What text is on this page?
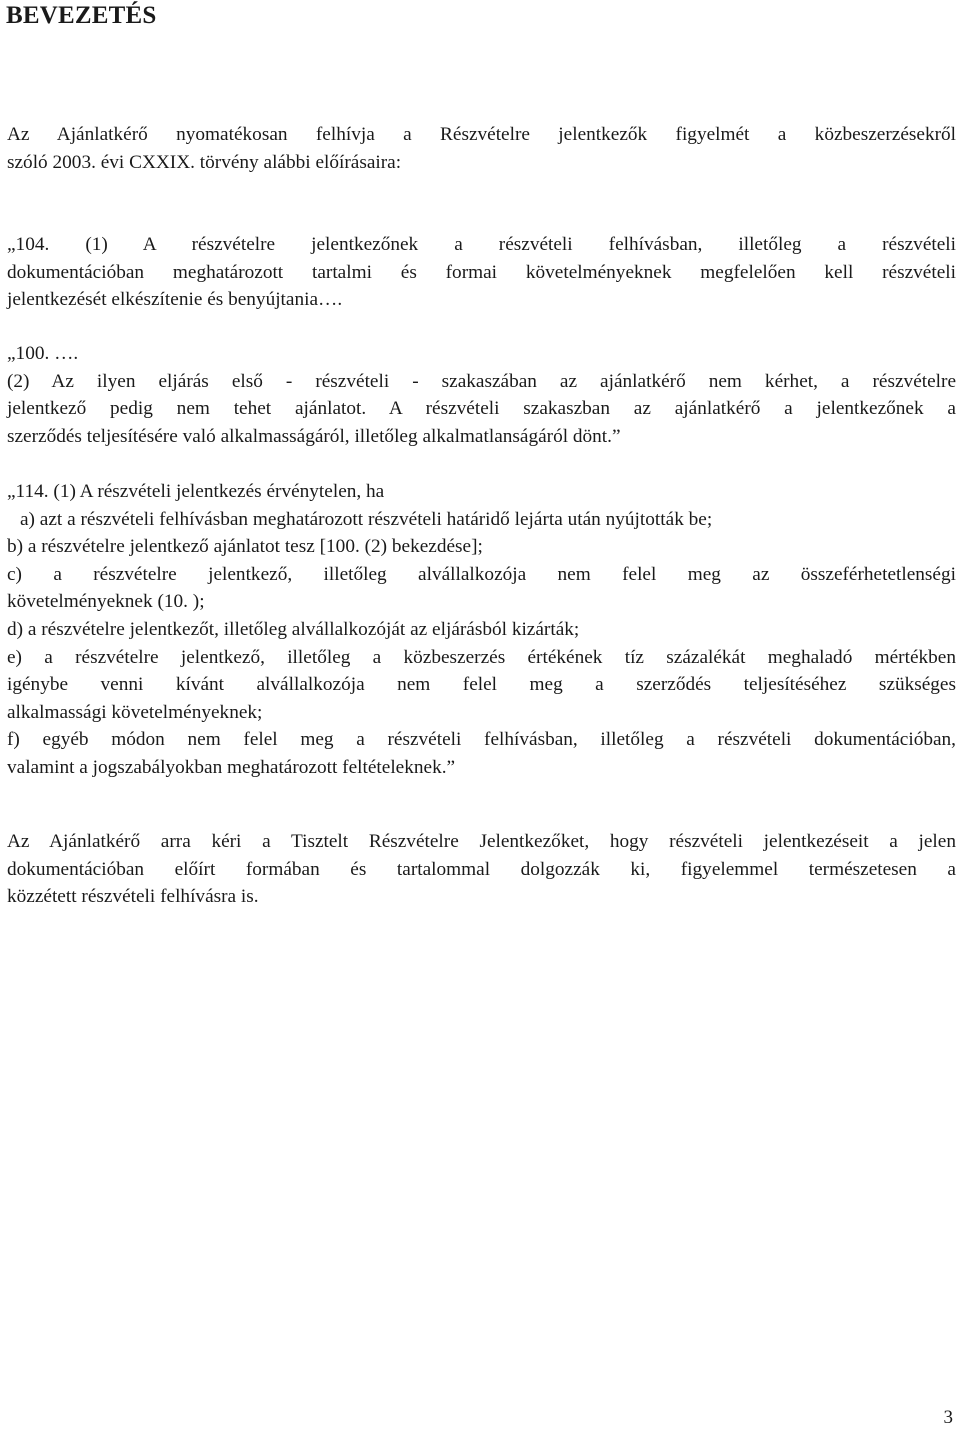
BEVEZETÉS
Az Ajánlatkérő nyomatékosan felhívja a Részvételre jelentkezők figyelmét a közbeszerzésekről
szóló 2003. évi CXXIX. törvény alábbi előírásaira:
„104. (1) A részvételre jelentkezőnek a részvételi felhívásban, illetőleg a részvételi
dokumentációban meghatározott tartalmi és formai követelményeknek megfelelően kell részvételi
jelentkezését elkészítenie és benyújtania….
„100. ….
(2) Az ilyen eljárás első - részvételi - szakaszában az ajánlatkérő nem kérhet, a részvételre
jelentkező pedig nem tehet ajánlatot. A részvételi szakaszban az ajánlatkérő a jelentkezőnek a
szerződés teljesítésére való alkalmasságáról, illetőleg alkalmatlanságáról dönt.”
„114. (1) A részvételi jelentkezés érvénytelen, ha
a) azt a részvételi felhívásban meghatározott részvételi határidő lejárta után nyújtották be;
b) a részvételre jelentkező ajánlatot tesz [100. (2) bekezdése];
c) a részvételre jelentkező, illetőleg alvállalkozója nem felel meg az összeférhetetlenségi
követelményeknek (10. );
d) a részvételre jelentkezőt, illetőleg alvállalkozóját az eljárásból kizárták;
e) a részvételre jelentkező, illetőleg a közbeszerzés értékének tíz százalékát meghaladó mértékben
igénybe venni kívánt alvállalkozója nem felel meg a szerződés teljesítéséhez szükséges
alkalmassági követelményeknek;
f) egyéb módon nem felel meg a részvételi felhívásban, illetőleg a részvételi dokumentációban,
valamint a jogszabályokban meghatározott feltételeknek.”
Az Ajánlatkérő arra kéri a Tisztelt Részvételre Jelentkezőket, hogy részvételi jelentkezéseit a jelen
dokumentációban előírt formában és tartalommal dolgozzák ki, figyelemmel természetesen a
közzétett részvételi felhívásra is.
3
